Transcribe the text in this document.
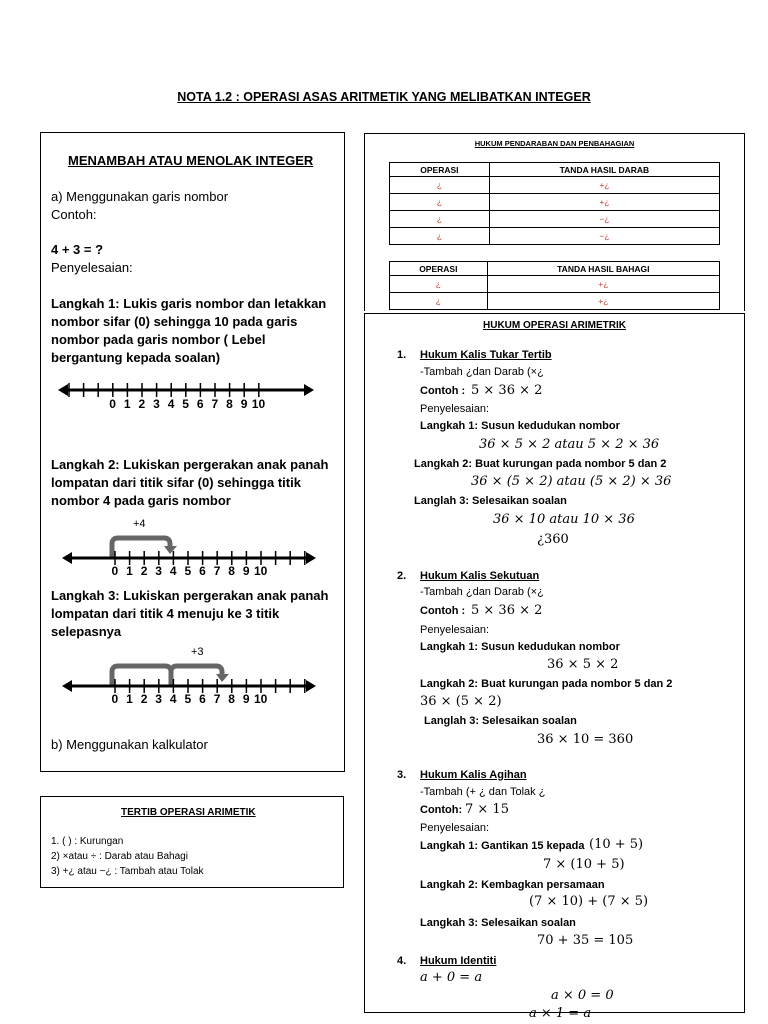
NOTA 1.2 : OPERASI ASAS ARITMETIK YANG MELIBATKAN INTEGER
MENAMBAH ATAU MENOLAK INTEGER
a) Menggunakan garis nombor
Contoh:
4 + 3 = ?
Penyelesaian:
Langkah 1: Lukis garis nombor dan letakkan
nombor sifar (0) sehingga 10 pada garis
nombor pada garis nombor ( Lebel
bergantung kepada soalan)
0 1 2 3 4 5 6 7 8 9 10
Langkah 2: Lukiskan pergerakan anak panah
lompatan dari titik sifar (0) sehingga titik
nombor 4 pada garis nombor
+4
0 1 2 3 4 5 6 7 8 9 10
Langkah 3: Lukiskan pergerakan anak panah
lompatan dari titik 4 menuju ke 3 titik
selepasnya
+3
0 1 2 3 4 5 6 7 8 9 10
b) Menggunakan kalkulator
TERTIB OPERASI ARIMETIK
1. ( ) : Kurungan
2) ×atau ÷ : Darab atau Bahagi
3) +¿ atau −¿ : Tambah atau Tolak
HUKUM PENDARABAN DAN PENBAHAGIAN
OPERASI	TANDA HASIL DARAB
¿	+¿
¿	+¿
¿	−¿
¿	−¿
OPERASI	TANDA HASIL BAHAGI
¿	+¿
¿	+¿
HUKUM OPERASI ARIMETRIK
1. Hukum Kalis Tukar Tertib
-Tambah ¿dan Darab (×¿
Contoh : 5 × 36 × 2
Penyelesaian:
Langkah 1: Susun kedudukan nombor
36 × 5 × 2 atau 5 × 2 × 36
Langkah 2: Buat kurungan pada nombor 5 dan 2
36 × (5 × 2) atau (5 × 2) × 36
Langlah 3: Selesaikan soalan
36 × 10 atau 10 × 36
¿360
2. Hukum Kalis Sekutuan
-Tambah ¿dan Darab (×¿
Contoh : 5 × 36 × 2
Penyelesaian:
Langkah 1: Susun kedudukan nombor
36 × 5 × 2
Langkah 2: Buat kurungan pada nombor 5 dan 2
36 × (5 × 2)
Langlah 3: Selesaikan soalan
36 × 10 = 360
3. Hukum Kalis Agihan
-Tambah (+ ¿ dan Tolak ¿
Contoh: 7 × 15
Penyelesaian:
Langkah 1: Gantikan 15 kepada (10 + 5)
7 × (10 + 5)
Langkah 2: Kembagkan persamaan
(7 × 10) + (7 × 5)
Langkah 3: Selesaikan soalan
70 + 35 = 105
4. Hukum Identiti
a + 0 = a
a × 0 = 0
a × 1 = a
